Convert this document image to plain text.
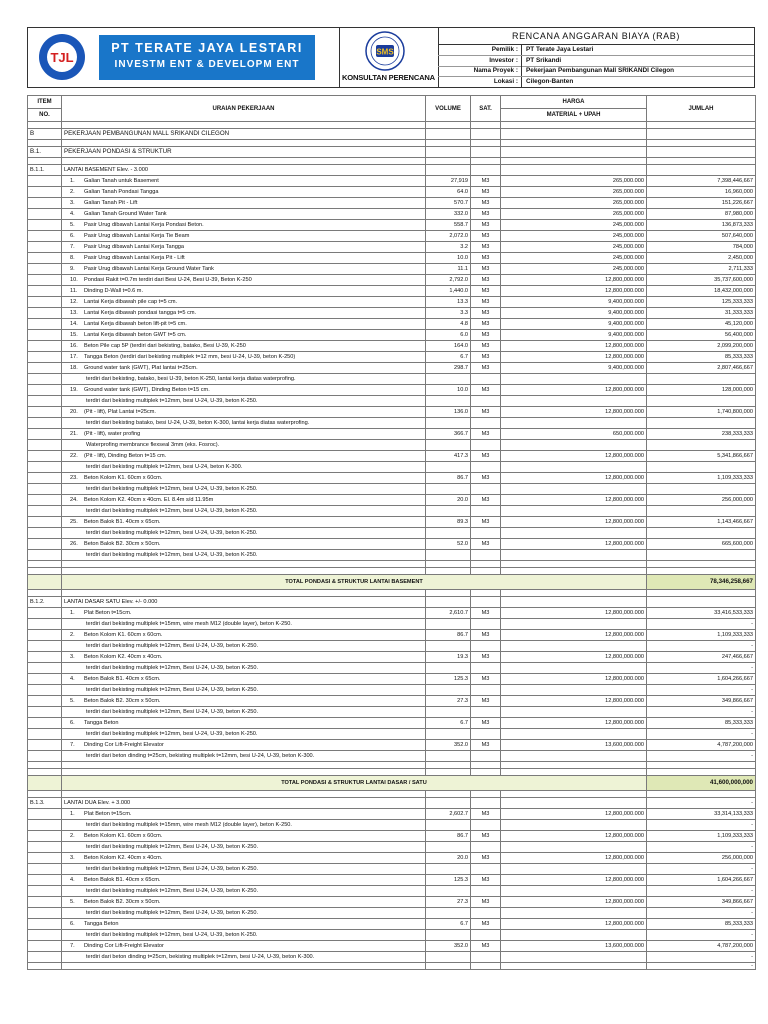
TJL
PT TERATE JAYA LESTARI
INVESTM ENT & DEVELOPM ENT
SMS
KONSULTAN PERENCANA
RENCANA ANGGARAN BIAYA (RAB)
Pemilik : PT Terate Jaya Lestari
Investor : PT Srikandi
Nama Proyek : Pekerjaan Pembangunan Mall SRIKANDI Cilegon
Lokasi : Cilegon-Banten
ITEM	URAIAN PEKERJAAN	VOLUME	SAT.	HARGA	JUMLAH
NO.				MATERIAL + UPAH	

B	PEKERJAAN PEMBANGUNAN MALL SRIKANDI CILEGON				

B.1.	PEKERJAAN PONDASI & STRUKTUR				

B.1.1.	LANTAI BASEMENT Elev. - 3.000				
	1. Galian Tanah untuk Basement	27,919	M3	265,000.000	7,398,446,667
	2. Galian Tanah Pondasi Tangga	64.0	M3	265,000.000	16,960,000
	3. Galian Tanah Pit - Lift	570.7	M3	265,000.000	151,226,667
	4. Galian Tanah Ground Water Tank	332.0	M3	265,000.000	87,980,000
	5. Pasir Urug dibawah Lantai Kerja Pondasi Beton.	558.7	M3	245,000.000	136,873,333
	6. Pasir Urug dibawah Lantai Kerja Tie Beam	2,072.0	M3	245,000.000	507,640,000
	7. Pasir Urug dibawah Lantai Kerja Tangga	3.2	M3	245,000.000	784,000
	8. Pasir Urug dibawah Lantai Kerja Pit - Lift	10.0	M3	245,000.000	2,450,000
	9. Pasir Urug dibawah Lantai Kerja Ground Water Tank	11.1	M3	245,000.000	2,711,333
	10. Pondasi Rakit t=0.7m terdiri dari Besi U-24, Besi U-39, Beton K-250	2,792.0	M3	12,800,000.000	35,737,600,000
	11. Dinding D-Wall t=0.6 m.	1,440.0	M3	12,800,000.000	18,432,000,000
	12. Lantai Kerja dibawah pile cap t=5 cm.	13.3	M3	9,400,000.000	125,333,333
	13. Lantai Kerja dibawah pondasi tangga t=5 cm.	3.3	M3	9,400,000.000	31,333,333
	14. Lantai Kerja dibawah beton lift-pit t=5 cm.	4.8	M3	9,400,000.000	45,120,000
	15. Lantai Kerja dibawah beton GWT t=5 cm.	6.0	M3	9,400,000.000	56,400,000
	16. Beton Pile cap 5P (terdiri dari bekisting, batako, Besi U-39, K-250	164.0	M3	12,800,000.000	2,099,200,000
	17. Tangga Beton (terdiri dari bekisting multiplek t=12 mm, besi U-24, U-39, beton K-250)	6.7	M3	12,800,000.000	85,333,333
	18. Ground water tank (GWT), Plat lantai t=25cm.	298.7	M3	9,400,000.000	2,807,466,667
	terdiri dari bekisting, batako, besi U-39, beton K-250, lantai kerja diatas waterprofing.				
	19. Ground water tank (GWT), Dinding Beton t=15 cm.	10.0	M3	12,800,000.000	128,000,000
	terdiri dari bekisting multiplek t=12mm, besi U-24, U-39, beton K-250.				
	20. (Pit - lift), Plat Lantai t=25cm.	136.0	M3	12,800,000.000	1,740,800,000
	terdiri dari bekisting batako, besi U-24, U-39, beton K-300, lantai kerja diatas waterprofing.				
	21. (Pit - lift), water profing	366.7	M3	650,000.000	238,333,333
	Waterprofing membrance flexseal 3mm (eks. Fosroc).				
	22. (Pit - lift), Dinding Beton t=15 cm.	417.3	M3	12,800,000.000	5,341,866,667
	terdiri dari bekisting multiplek t=12mm, besi U-24, beton K-300.				
	23. Beton Kolom K1. 60cm x 60cm.	86.7	M3	12,800,000.000	1,109,333,333
	terdiri dari bekisting multiplek t=12mm, besi U-24, U-39, beton K-250.				
	24. Beton Kolom K2. 40cm x 40cm. El. 8.4m s/d 11.95m	20.0	M3	12,800,000.000	256,000,000
	terdiri dari bekisting multiplek t=12mm, besi U-24, U-39, beton K-250.				
	25. Beton Balok B1. 40cm x 65cm.	89.3	M3	12,800,000.000	1,143,466,667
	terdiri dari bekisting multiplek t=12mm, besi U-24, U-39, beton K-250.				
	26. Beton Balok B2. 30cm x 50cm.	52.0	M3	12,800,000.000	665,600,000
	terdiri dari bekisting multiplek t=12mm, besi U-24, U-39, beton K-250.				

	TOTAL PONDASI & STRUKTUR LANTAI BASEMENT				78,346,258,667

B.1.2.	LANTAI DASAR SATU Elev. +/- 0.000				
	1. Plat Beton t=15cm.	2,610.7	M3	12,800,000.000	33,416,533,333
	terdiri dari bekisting multiplek t=15mm, wire mesh M12 (double layer), beton K-250.				-
	2. Beton Kolom K1. 60cm x 60cm.	86.7	M3	12,800,000.000	1,109,333,333
	terdiri dari bekisting multiplek t=12mm, Besi U-24, U-39, beton K-250.				-
	3. Beton Kolom K2. 40cm x 40cm.	19.3	M3	12,800,000.000	247,466,667
	terdiri dari bekisting multiplek t=12mm, Besi U-24, U-39, beton K-250.				-
	4. Beton Balok B1. 40cm x 65cm.	125.3	M3	12,800,000.000	1,604,266,667
	terdiri dari bekisting multiplek t=12mm, Besi U-24, U-39, beton K-250.				-
	5. Beton Balok B2. 30cm x 50cm.	27.3	M3	12,800,000.000	349,866,667
	terdiri dari bekisting multiplek t=12mm, Besi U-24, U-39, beton K-250.				-
	6. Tangga Beton	6.7	M3	12,800,000.000	85,333,333
	terdiri dari bekisting multiplek t=12mm, besi U-24, U-39, beton K-250.				-
	7. Dinding Cor Lift-Freight Elevator	352.0	M3	13,600,000.000	4,787,200,000
	terdiri dari beton dinding t=25cm, bekisting multiplek t=12mm, besi U-24, U-39, beton K-300.				-

	TOTAL PONDASI & STRUKTUR LANTAI DASAR / SATU				41,600,000,000

B.1.3.	LANTAI DUA Elev. + 3.000				-
	1. Plat Beton t=15cm.	2,602.7	M3	12,800,000.000	33,314,133,333
	terdiri dari bekisting multiplek t=15mm, wire mesh M12 (double layer), beton K-250.				-
	2. Beton Kolom K1. 60cm x 60cm.	86.7	M3	12,800,000.000	1,109,333,333
	terdiri dari bekisting multiplek t=12mm, Besi U-24, U-39, beton K-250.				-
	3. Beton Kolom K2. 40cm x 40cm.	20.0	M3	12,800,000.000	256,000,000
	terdiri dari bekisting multiplek t=12mm, Besi U-24, U-39, beton K-250.				-
	4. Beton Balok B1. 40cm x 65cm.	125.3	M3	12,800,000.000	1,604,266,667
	terdiri dari bekisting multiplek t=12mm, Besi U-24, U-39, beton K-250.				-
	5. Beton Balok B2. 30cm x 50cm.	27.3	M3	12,800,000.000	349,866,667
	terdiri dari bekisting multiplek t=12mm, Besi U-24, U-39, beton K-250.				-
	6. Tangga Beton	6.7	M3	12,800,000.000	85,333,333
	terdiri dari bekisting multiplek t=12mm, besi U-24, U-39, beton K-250.				-
	7. Dinding Cor Lift-Freight Elevator	352.0	M3	13,600,000.000	4,787,200,000
	terdiri dari beton dinding t=25cm, bekisting multiplek t=12mm, besi U-24, U-39, beton K-300.				-
					-
